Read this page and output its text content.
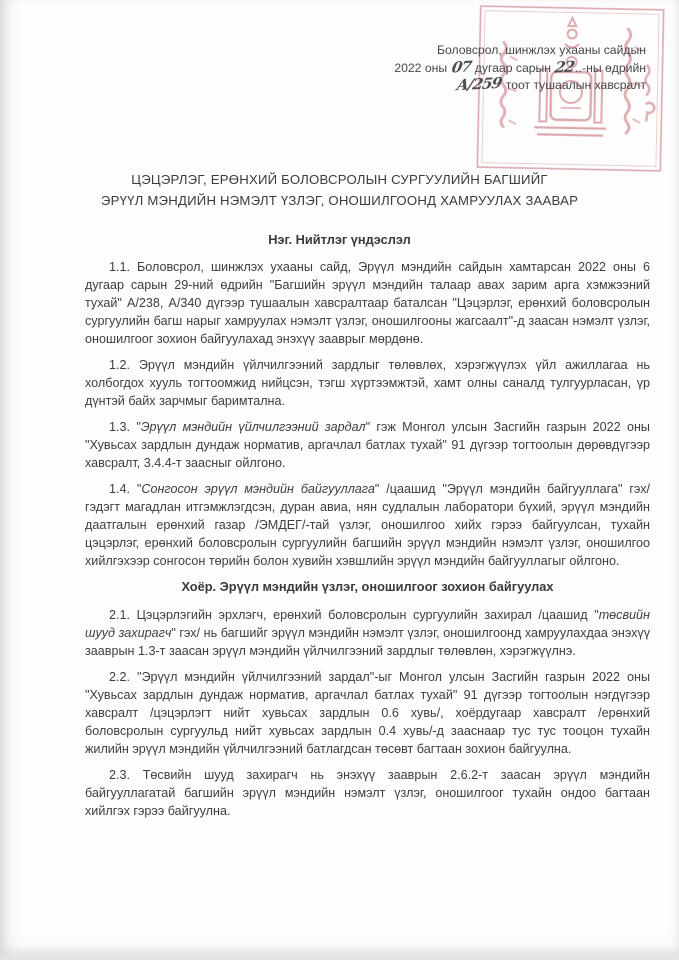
Боловсрол, шинжлэх ухааны сайдын
2022 оны 07 дугаар сарын 22..-ны өдрийн
А/259 тоот тушаалын хавсралт
ЦЭЦЭРЛЭГ, ЕРӨНХИЙ БОЛОВСРОЛЫН СУРГУУЛИЙН БАГШИЙГ
ЭРҮҮЛ МЭНДИЙН НЭМЭЛТ ҮЗЛЭГ, ОНОШИЛГООНД ХАМРУУЛАХ ЗААВАР
Нэг. Нийтлэг үндэслэл

1.1. Боловсрол, шинжлэх ухааны сайд, Эрүүл мэндийн сайдын хамтарсан 2022 оны 6 дугаар сарын 29-ний өдрийн "Багшийн эрүүл мэндийн талаар авах зарим арга хэмжээний тухай" А/238, А/340 дүгээр тушаалын хавсралтаар баталсан "Цэцэрлэг, ерөнхий боловсролын сургуулийн багш нарыг хамруулах нэмэлт үзлэг, оношилгооны жагсаалт"-д заасан нэмэлт үзлэг, оношилгоог зохион байгуулахад энэхүү зааврыг мөрдөнө.

1.2. Эрүүл мэндийн үйлчилгээний зардлыг төлөвлөх, хэрэгжүүлэх үйл ажиллагаа нь холбогдох хууль тогтоомжид нийцсэн, тэгш хүртээмжтэй, хамт олны саналд тулгуурласан, үр дүнтэй байх зарчмыг баримтална.

1.3. "Эрүүл мэндийн үйлчилгээний зардал" гэж Монгол улсын Засгийн газрын 2022 оны "Хувьсах зардлын дундаж норматив, аргачлал батлах тухай" 91 дүгээр тогтоолын дөрөвдүгээр хавсралт, 3.4.4-т заасныг ойлгоно.

1.4. "Сонгосон эрүүл мэндийн байгууллага" /цаашид "Эрүүл мэндийн байгууллага" гэх/ гэдэгт магадлан итгэмжлэгдсэн, дуран авиа, нян судлалын лаборатори бүхий, эрүүл мэндийн даатгалын ерөнхий газар /ЭМДЕГ/-тай үзлэг, оношилгоо хийх гэрээ байгуулсан, тухайн цэцэрлэг, ерөнхий боловсролын сургуулийн багшийн эрүүл мэндийн нэмэлт үзлэг, оношилгоо хийлгэхээр сонгосон төрийн болон хувийн хэвшлийн эрүүл мэндийн байгууллагыг ойлгоно.

Хоёр. Эрүүл мэндийн үзлэг, оношилгоог зохион байгуулах

2.1. Цэцэрлэгийн эрхлэгч, ерөнхий боловсролын сургуулийн захирал /цаашид "төсвийн шууд захирагч" гэх/ нь багшийг эрүүл мэндийн нэмэлт үзлэг, оношилгоонд хамруулахдаа энэхүү зааврын 1.3-т заасан эрүүл мэндийн үйлчилгээний зардлыг төлөвлөн, хэрэгжүүлнэ.

2.2. "Эрүүл мэндийн үйлчилгээний зардал"-ыг Монгол улсын Засгийн газрын 2022 оны "Хувьсах зардлын дундаж норматив, аргачлал батлах тухай" 91 дүгээр тогтоолын нэгдүгээр хавсралт /цэцэрлэгт нийт хувьсах зардлын 0.6 хувь/, хоёрдугаар хавсралт /ерөнхий боловсролын сургуульд нийт хувьсах зардлын 0.4 хувь/-д зааснаар тус тус тооцон тухайн жилийн эрүүл мэндийн үйлчилгээний батлагдсан төсөвт багтаан зохион байгуулна.

2.3. Төсвийн шууд захирагч нь энэхүү зааврын 2.6.2-т заасан эрүүл мэндийн байгууллагатай багшийн эрүүл мэндийн нэмэлт үзлэг, оношилгоог тухайн ондоо багтаан хийлгэх гэрээ байгуулна.
